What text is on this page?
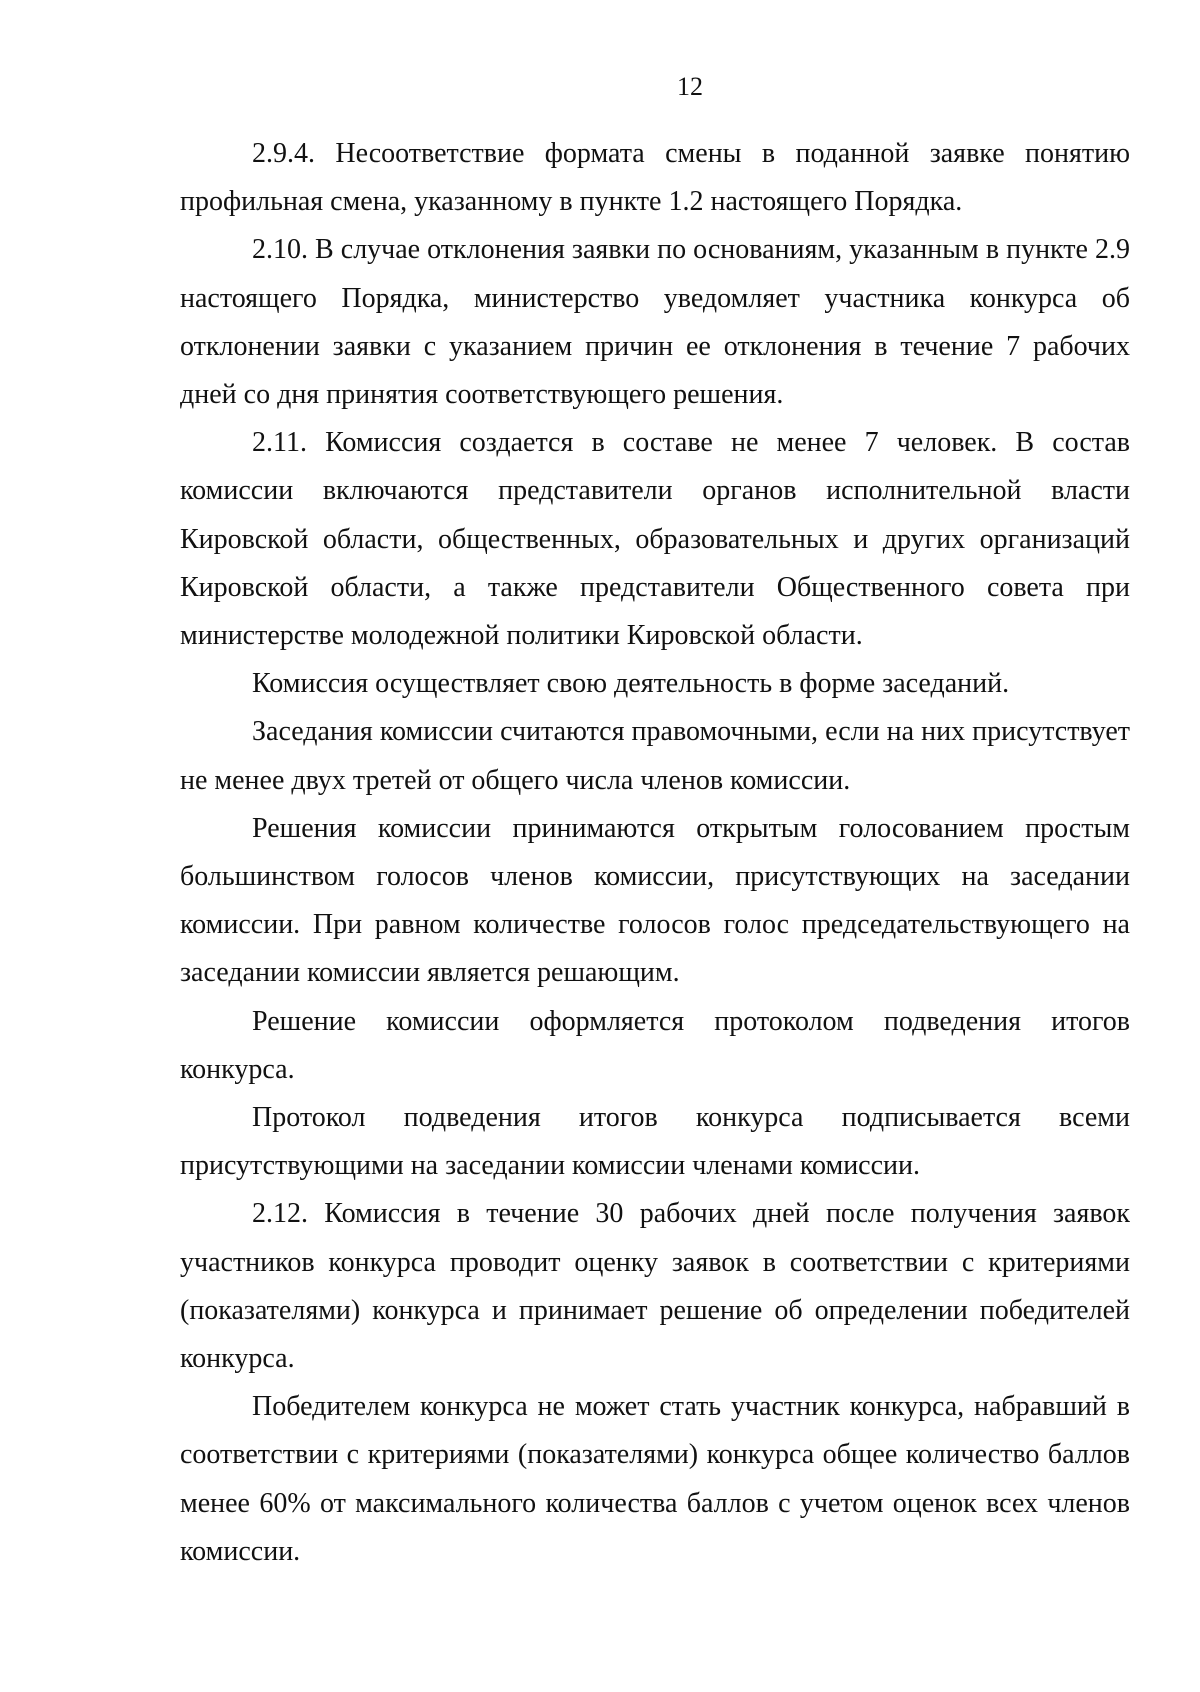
12

2.9.4. Несоответствие формата смены в поданной заявке понятию профильная смена, указанному в пункте 1.2 настоящего Порядка.

2.10. В случае отклонения заявки по основаниям, указанным в пункте 2.9 настоящего Порядка, министерство уведомляет участника конкурса об отклонении заявки с указанием причин ее отклонения в течение 7 рабочих дней со дня принятия соответствующего решения.

2.11. Комиссия создается в составе не менее 7 человек. В состав комиссии включаются представители органов исполнительной власти Кировской области, общественных, образовательных и других организаций Кировской области, а также представители Общественного совета при министерстве молодежной политики Кировской области.

Комиссия осуществляет свою деятельность в форме заседаний.

Заседания комиссии считаются правомочными, если на них присутствует не менее двух третей от общего числа членов комиссии.

Решения комиссии принимаются открытым голосованием простым большинством голосов членов комиссии, присутствующих на заседании комиссии. При равном количестве голосов голос председательствующего на заседании комиссии является решающим.

Решение комиссии оформляется протоколом подведения итогов конкурса.

Протокол подведения итогов конкурса подписывается всеми присутствующими на заседании комиссии членами комиссии.

2.12. Комиссия в течение 30 рабочих дней после получения заявок участников конкурса проводит оценку заявок в соответствии с критериями (показателями) конкурса и принимает решение об определении победителей конкурса.

Победителем конкурса не может стать участник конкурса, набравший в соответствии с критериями (показателями) конкурса общее количество баллов менее 60% от максимального количества баллов с учетом оценок всех членов комиссии.
